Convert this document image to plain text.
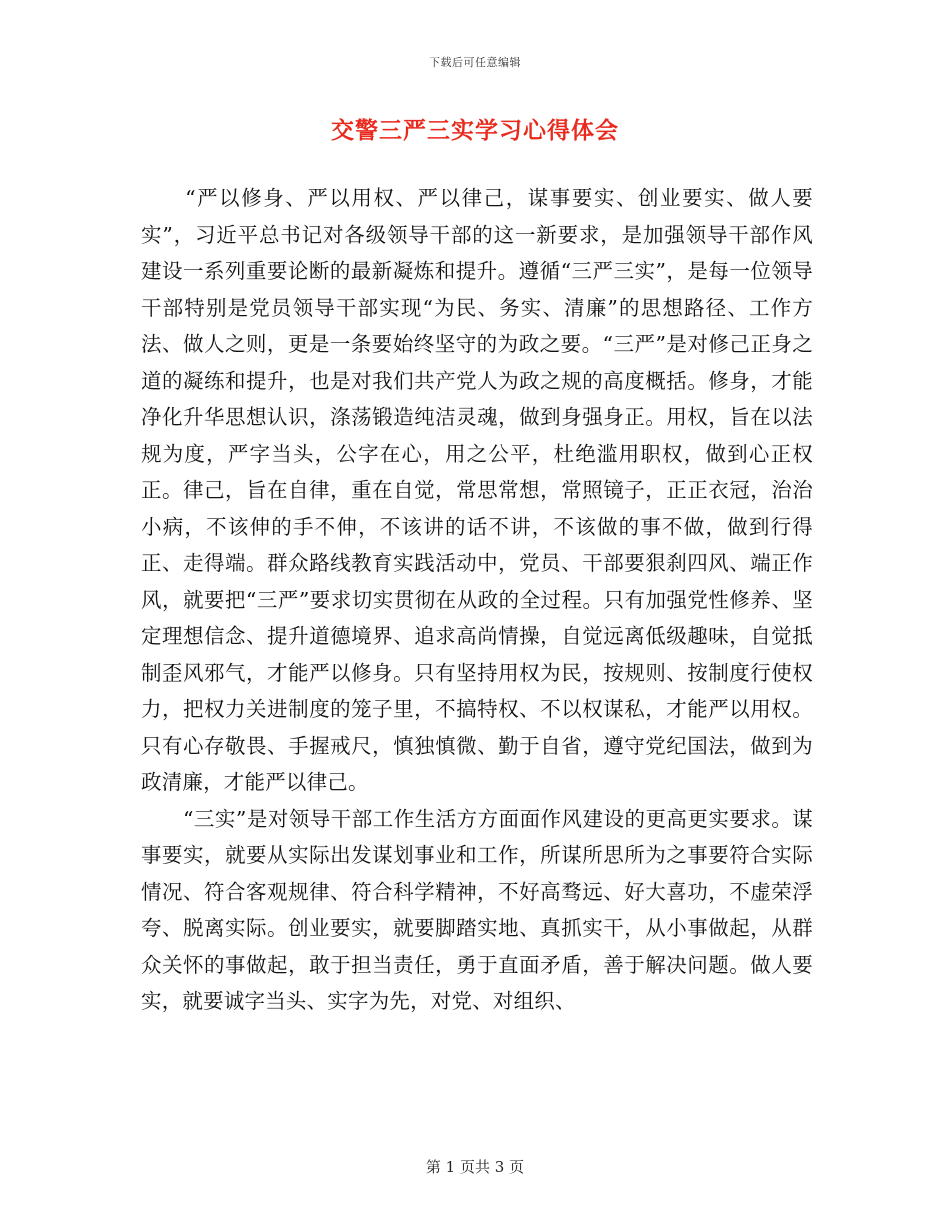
下载后可任意编辑
交警三严三实学习心得体会

　　“严以修身、严以用权、严以律己，谋事要实、创业要实、做人要实”，习近平总书记对各级领导干部的这一新要求，是加强领导干部作风建设一系列重要论断的最新凝炼和提升。遵循“三严三实”，是每一位领导干部特别是党员领导干部实现“为民、务实、清廉”的思想路径、工作方法、做人之则，更是一条要始终坚守的为政之要。“三严”是对修己正身之道的凝练和提升，也是对我们共产党人为政之规的高度概括。修身，才能净化升华思想认识，涤荡锻造纯洁灵魂，做到身强身正。用权，旨在以法规为度，严字当头，公字在心，用之公平，杜绝滥用职权，做到心正权正。律己，旨在自律，重在自觉，常思常想，常照镜子，正正衣冠，治治小病，不该伸的手不伸，不该讲的话不讲，不该做的事不做，做到行得正、走得端。群众路线教育实践活动中，党员、干部要狠刹四风、端正作风，就要把“三严”要求切实贯彻在从政的全过程。只有加强党性修养、坚定理想信念、提升道德境界、追求高尚情操，自觉远离低级趣味，自觉抵制歪风邪气，才能严以修身。只有坚持用权为民，按规则、按制度行使权力，把权力关进制度的笼子里，不搞特权、不以权谋私，才能严以用权。只有心存敬畏、手握戒尺，慎独慎微、勤于自省，遵守党纪国法，做到为政清廉，才能严以律己。

　　“三实”是对领导干部工作生活方方面面作风建设的更高更实要求。谋事要实，就要从实际出发谋划事业和工作，所谋所思所为之事要符合实际情况、符合客观规律、符合科学精神，不好高骛远、好大喜功，不虚荣浮夸、脱离实际。创业要实，就要脚踏实地、真抓实干，从小事做起，从群众关怀的事做起，敢于担当责任，勇于直面矛盾，善于解决问题。做人要实，就要诚字当头、实字为先，对党、对组织、

第 1 页共 3 页
